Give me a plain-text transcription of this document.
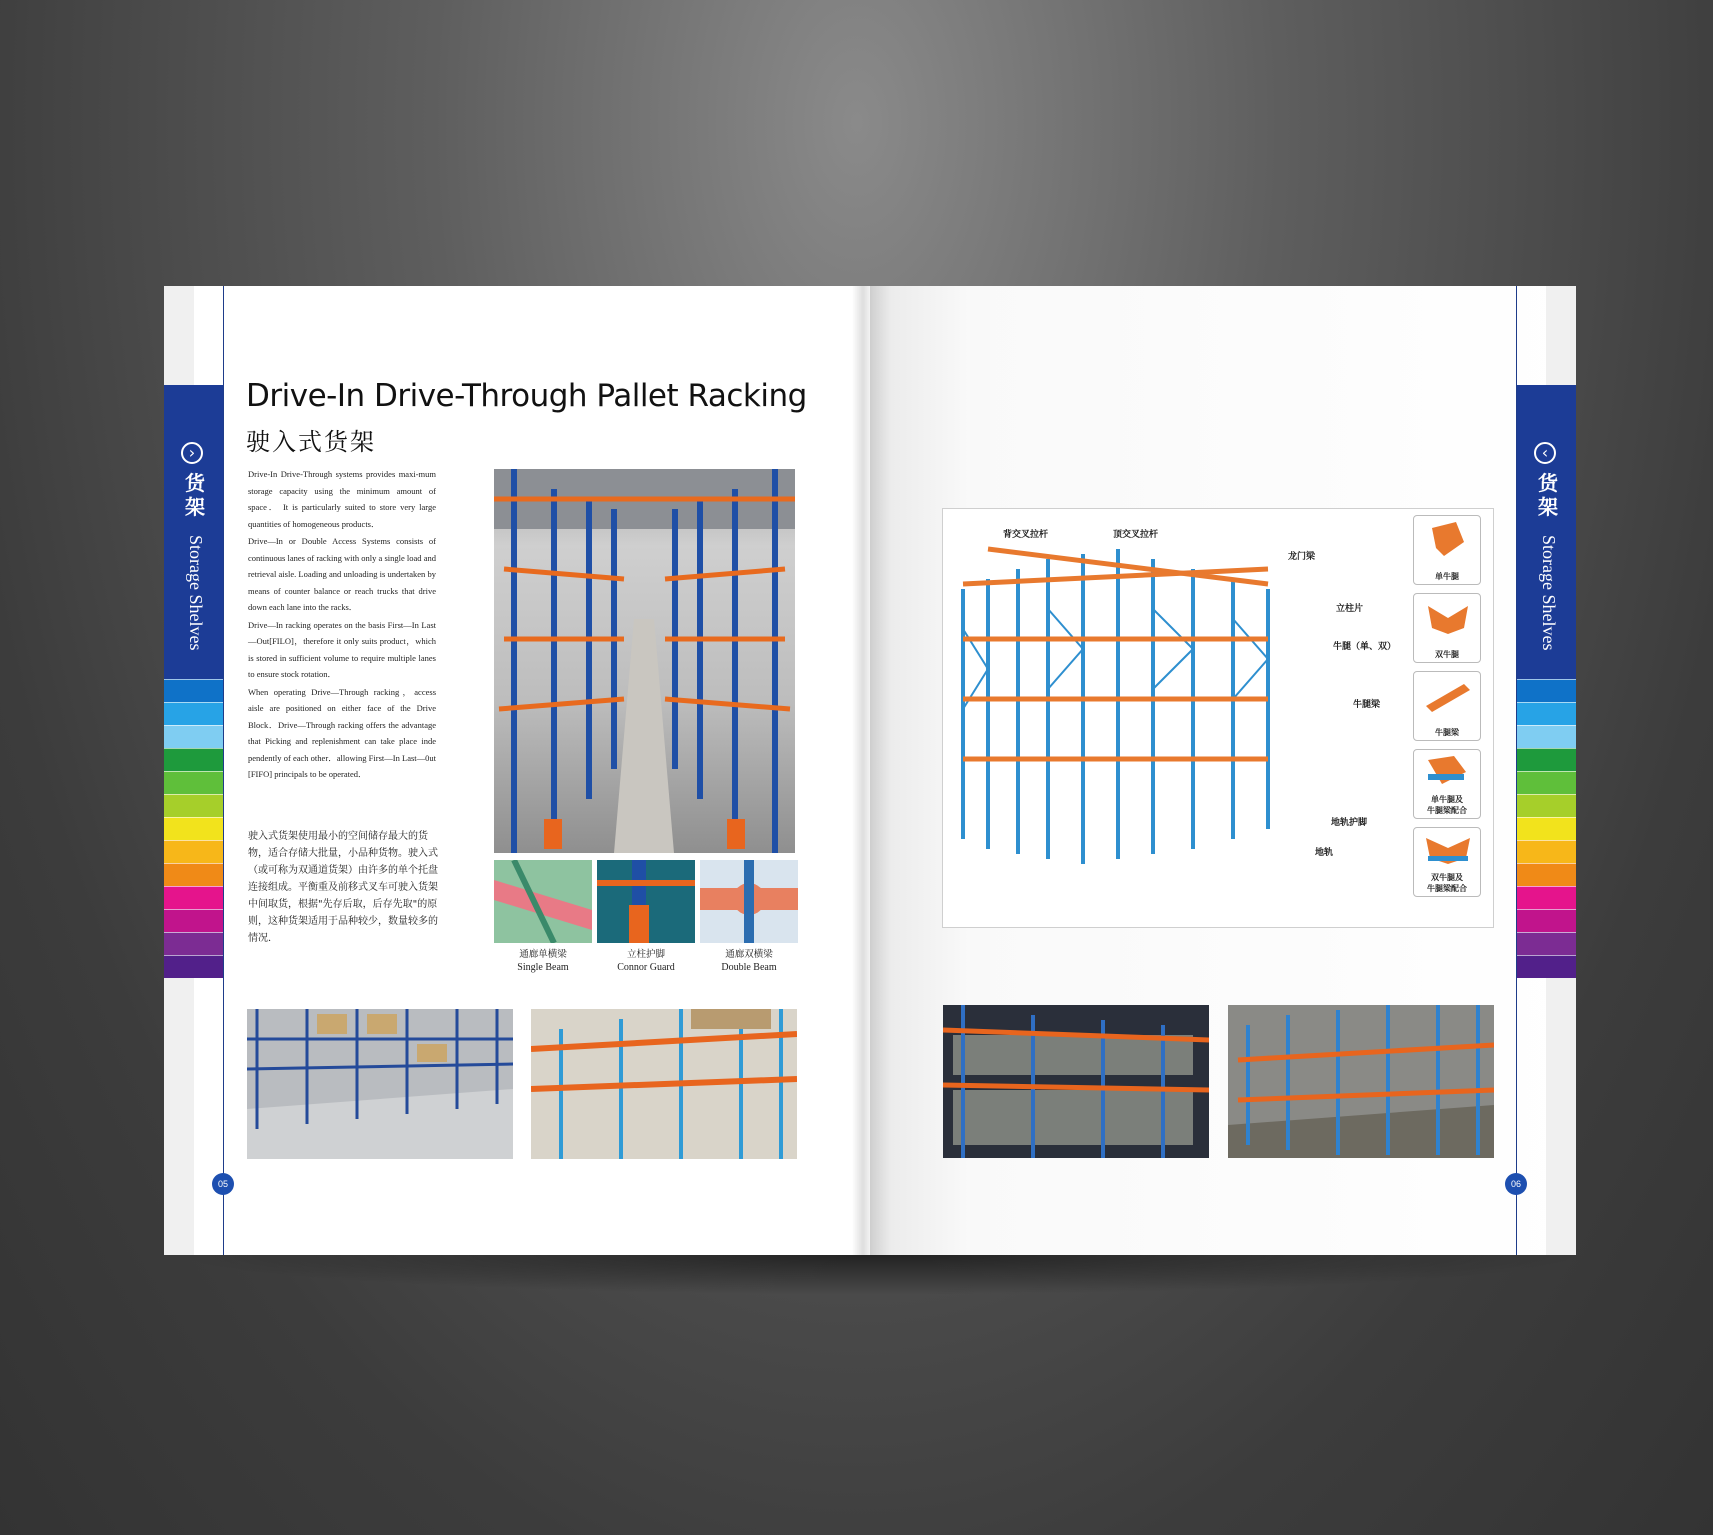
›
货架
Storage Shelves
Drive-In Drive-Through Pallet Racking
驶入式货架

Drive-In Drive-Through systems provides maxi-mum storage capacity using the minimum amount of space． It is particularly suited to store very large quantities of homogeneous products．

Drive—In or Double Access Systems consists of continuous lanes of racking with only a single load and retrieval aisle. Loading and unloading is undertaken by means of counter balance or reach trucks that drive down each lane into the racks．

Drive—In racking operates on the basis First—In Last—Out[FILO]，therefore it only suits product，which is stored in sufficient volume to require multiple lanes to ensure stock rotation．

When operating Drive—Through racking，access aisle are positioned on either face of the Drive Block．Drive—Through racking offers the advantage that Picking and replenishment can take place inde pendently of each other．allowing First—In Last—0ut [FIFO] principals to be operated．

驶入式货架使用最小的空间储存最大的货物，适合存储大批量，小品种货物。驶入式（或可称为双通道货架）由许多的单个托盘连接组成。平衡重及前移式叉车可驶入货架中间取货，根据"先存后取，后存先取"的原则，这种货架适用于品种较少，数量较多的情况．
通廊单横梁
Single Beam
立柱护脚
Connor Guard
通廊双横梁
Double Beam
05
‹
货架
Storage Shelves
背交叉拉杆	顶交叉拉杆
龙门梁
立柱片
牛腿（单、双）
牛腿梁
地轨护脚
地轨
单牛腿
双牛腿
牛腿梁
单牛腿及
牛腿梁配合
双牛腿及
牛腿梁配合
06
